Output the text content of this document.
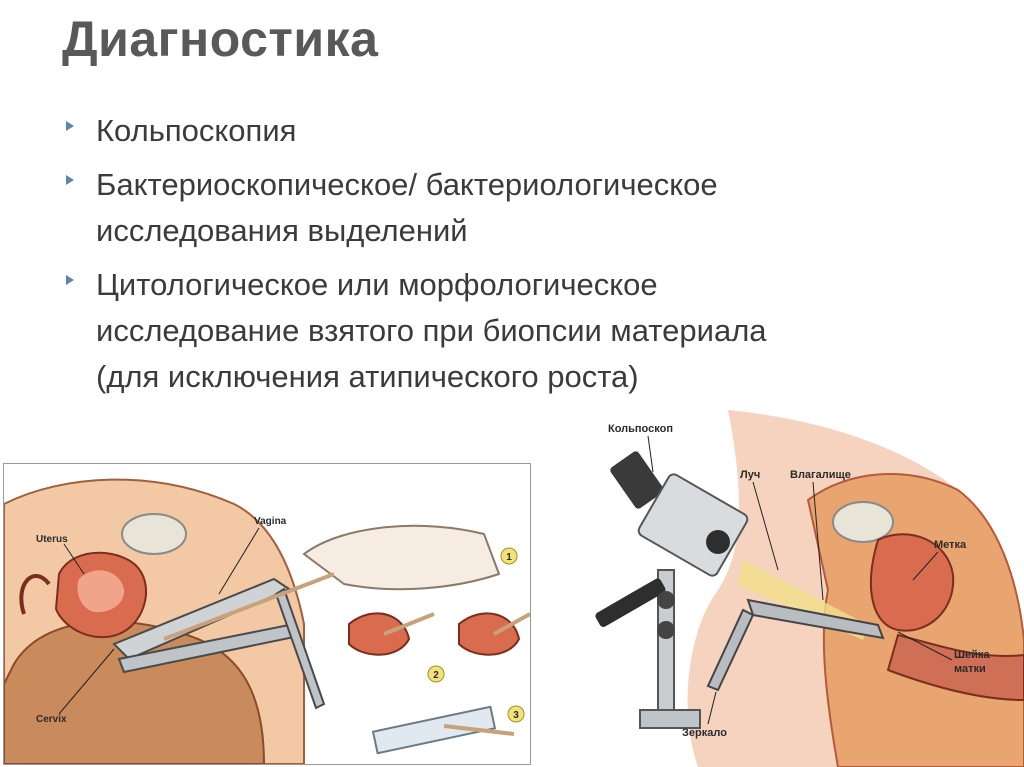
Диагностика
Кольпоскопия
Бактериоскопическое/ бактериологическое
исследования выделений
Цитологическое или морфологическое
исследование взятого при биопсии материала
(для исключения атипического роста)
1
2
3
Uterus
Vagina
Cervix
Кольпоскоп
Луч	Влагалище
Метка
Шейка
матки
Зеркало
